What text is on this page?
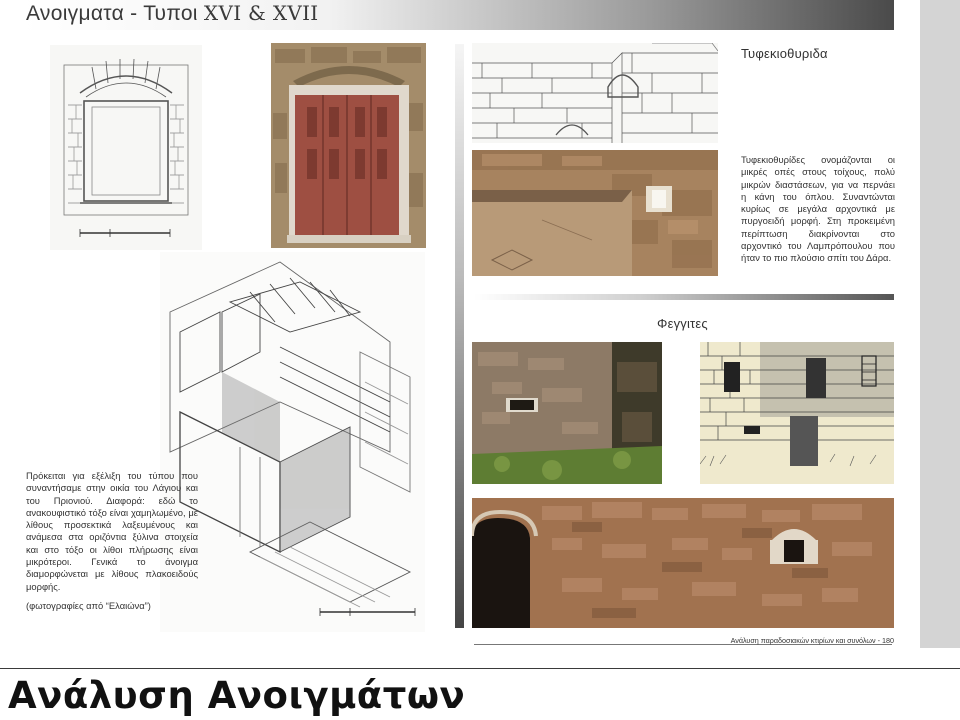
Ανοιγματα - Τυποι XVI & XVII
Τυφεκιοθυριδα
Τυφεκιοθυρίδες ονομάζονται οι μικρές οπές στους τοίχους, πολύ μικρών διαστάσεων, για να περνάει η κάνη του όπλου. Συναντώνται κυρίως σε μεγάλα αρχοντικά με πυργοειδή μορφή. Στη προκειμένη περίπτωση διακρίνονται στο αρχοντικό του Λαμπρόπουλου που ήταν το πιο πλούσιο σπίτι του Δάρα.
Φεγγιτες
Πρόκειται για εξέλιξη του τύπου που συναντήσαμε στην οικία του Λάγιου και του Πριονιού. Διαφορά: εδώ το ανακουφιστικό τόξο είναι χαμηλωμένο, με λίθους προσεκτικά λαξευμένους και ανάμεσα στα οριζόντια ξύλινα στοιχεία και στο τόξο οι λίθοι πλήρωσης είναι μικρότεροι. Γενικά το άνοιγμα διαμορφώνεται με λίθους πλακοειδούς μορφής.
(φωτογραφίες από “Ελαιώνα”)
Ανάλυση παραδοσιακών κτιρίων και συνόλων - 180
Ανάλυση Ανοιγμάτων
